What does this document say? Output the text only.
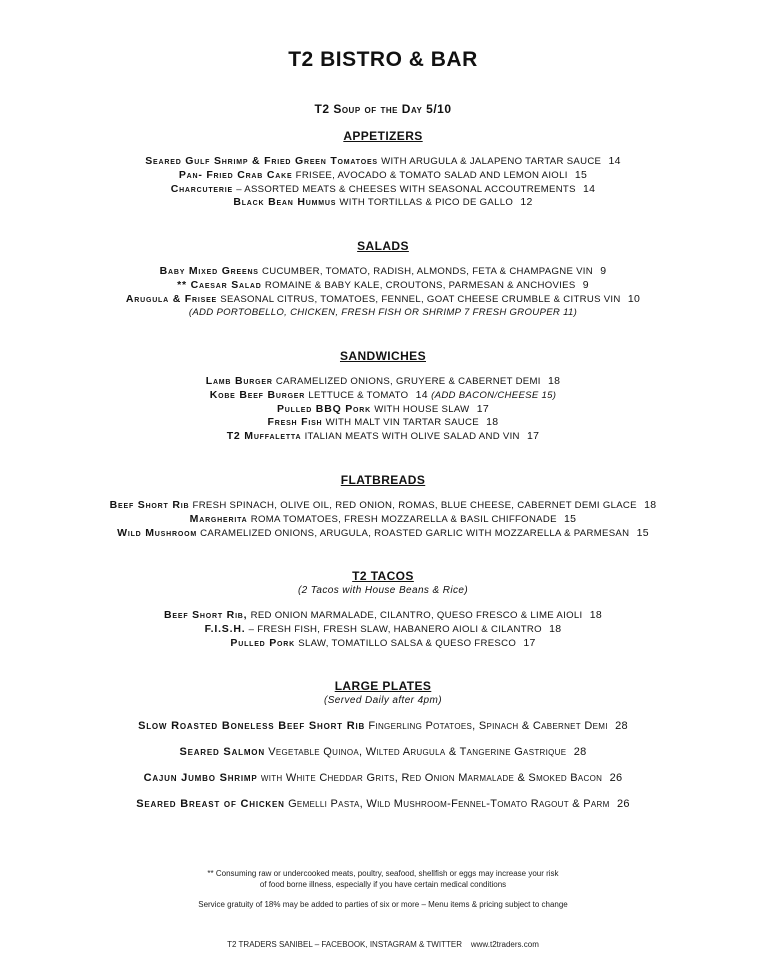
T2 BISTRO & BAR
T2 Soup of the Day 5/10
APPETIZERS
Seared Gulf Shrimp & Fried Green Tomatoes WITH ARUGULA & JALAPENO TARTAR SAUCE 14
Pan- Fried Crab Cake FRISEE, AVOCADO & TOMATO SALAD AND LEMON AIOLI 15
Charcuterie – ASSORTED MEATS & CHEESES WITH SEASONAL ACCOUTREMENTS 14
Black Bean Hummus WITH TORTILLAS & PICO DE GALLO 12
SALADS
Baby Mixed Greens CUCUMBER, TOMATO, RADISH, ALMONDS, FETA & CHAMPAGNE VIN 9
** Caesar Salad ROMAINE & BABY KALE, CROUTONS, PARMESAN & ANCHOVIES 9
Arugula & Frisee SEASONAL CITRUS, TOMATOES, FENNEL, GOAT CHEESE CRUMBLE & CITRUS VIN 10
(ADD PORTOBELLO, CHICKEN, FRESH FISH OR SHRIMP 7 FRESH GROUPER 11)
SANDWICHES
Lamb Burger CARAMELIZED ONIONS, GRUYERE & CABERNET DEMI 18
Kobe Beef Burger LETTUCE & TOMATO 14 (ADD BACON/CHEESE 15)
Pulled BBQ Pork WITH HOUSE SLAW 17
Fresh Fish WITH MALT VIN TARTAR SAUCE 18
T2 Muffaletta ITALIAN MEATS WITH OLIVE SALAD AND VIN 17
FLATBREADS
Beef Short Rib FRESH SPINACH, OLIVE OIL, RED ONION, ROMAS, BLUE CHEESE, CABERNET DEMI GLACE 18
Margherita ROMA TOMATOES, FRESH MOZZARELLA & BASIL CHIFFONADE 15
Wild Mushroom CARAMELIZED ONIONS, ARUGULA, ROASTED GARLIC WITH MOZZARELLA & PARMESAN 15
T2 TACOS
(2 Tacos with House Beans & Rice)
Beef Short Rib, RED ONION MARMALADE, CILANTRO, QUESO FRESCO & LIME AIOLI 18
F.I.S.H. – FRESH FISH, FRESH SLAW, HABANERO AIOLI & CILANTRO 18
Pulled Pork SLAW, TOMATILLO SALSA & QUESO FRESCO 17
LARGE PLATES
(Served Daily after 4pm)
Slow Roasted Boneless Beef Short Rib Fingerling Potatoes, Spinach & Cabernet Demi 28
Seared Salmon Vegetable Quinoa, Wilted Arugula & Tangerine Gastrique 28
Cajun Jumbo Shrimp with White Cheddar Grits, Red Onion Marmalade & Smoked Bacon 26
Seared Breast of Chicken Gemelli Pasta, Wild Mushroom-Fennel-Tomato Ragout & Parm 26
** Consuming raw or undercooked meats, poultry, seafood, shellfish or eggs may increase your risk
of food borne illness, especially if you have certain medical conditions
Service gratuity of 18% may be added to parties of six or more – Menu items & pricing subject to change

T2 TRADERS SANIBEL – FACEBOOK, INSTAGRAM & TWITTER    www.t2traders.com
